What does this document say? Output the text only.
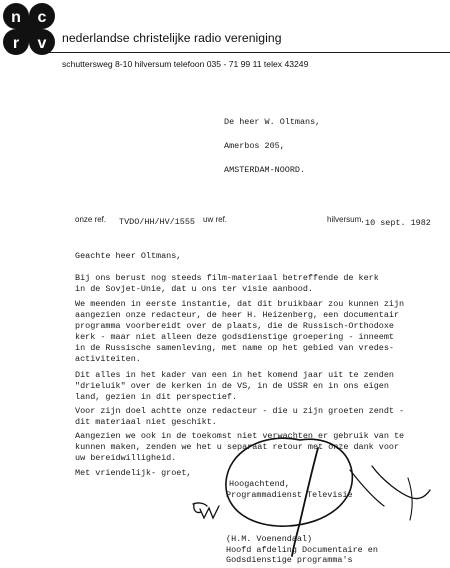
n c
r v nederlandse christelijke radio vereniging
schuttersweg 8-10 hilversum telefoon 035 - 71 99 11 telex 43249
De heer W. Oltmans,
Amerbos 205,
AMSTERDAM-NOORD.
onze ref. TVDO/HH/HV/1555 uw ref.	hilversum, 10 sept. 1982
Geachte heer Oltmans,
Bij ons berust nog steeds film-materiaal betreffende de kerk
in de Sovjet-Unie, dat u ons ter visie aanbood.
We meenden in eerste instantie, dat dit bruikbaar zou kunnen zijn
aangezien onze redacteur, de heer H. Heizenberg, een documentair
programma voorbereidt over de plaats, die de Russisch-Orthodoxe
kerk - maar niet alleen deze godsdienstige groepering - inneemt
in de Russische samenleving, met name op het gebied van vredes-
activiteiten.
Dit alles in het kader van een in het komend jaar uit te zenden
"drieluik" over de kerken in de VS, in de USSR en in ons eigen
land, gezien in dit perspectief.
Voor zijn doel achtte onze redacteur - die u zijn groeten zendt -
dit materiaal niet geschikt.
Aangezien we ook in de toekomst niet verwachten er gebruik van te
kunnen maken, zenden we het u separaat retour met onze dank voor
uw bereidwilligheid.
Met vriendelijk- groet,
Hoogachtend,
Programmadienst Televisie
(H.M. Voenendaal)
Hoofd afdeling Documentaire en
Godsdienstige programma's
